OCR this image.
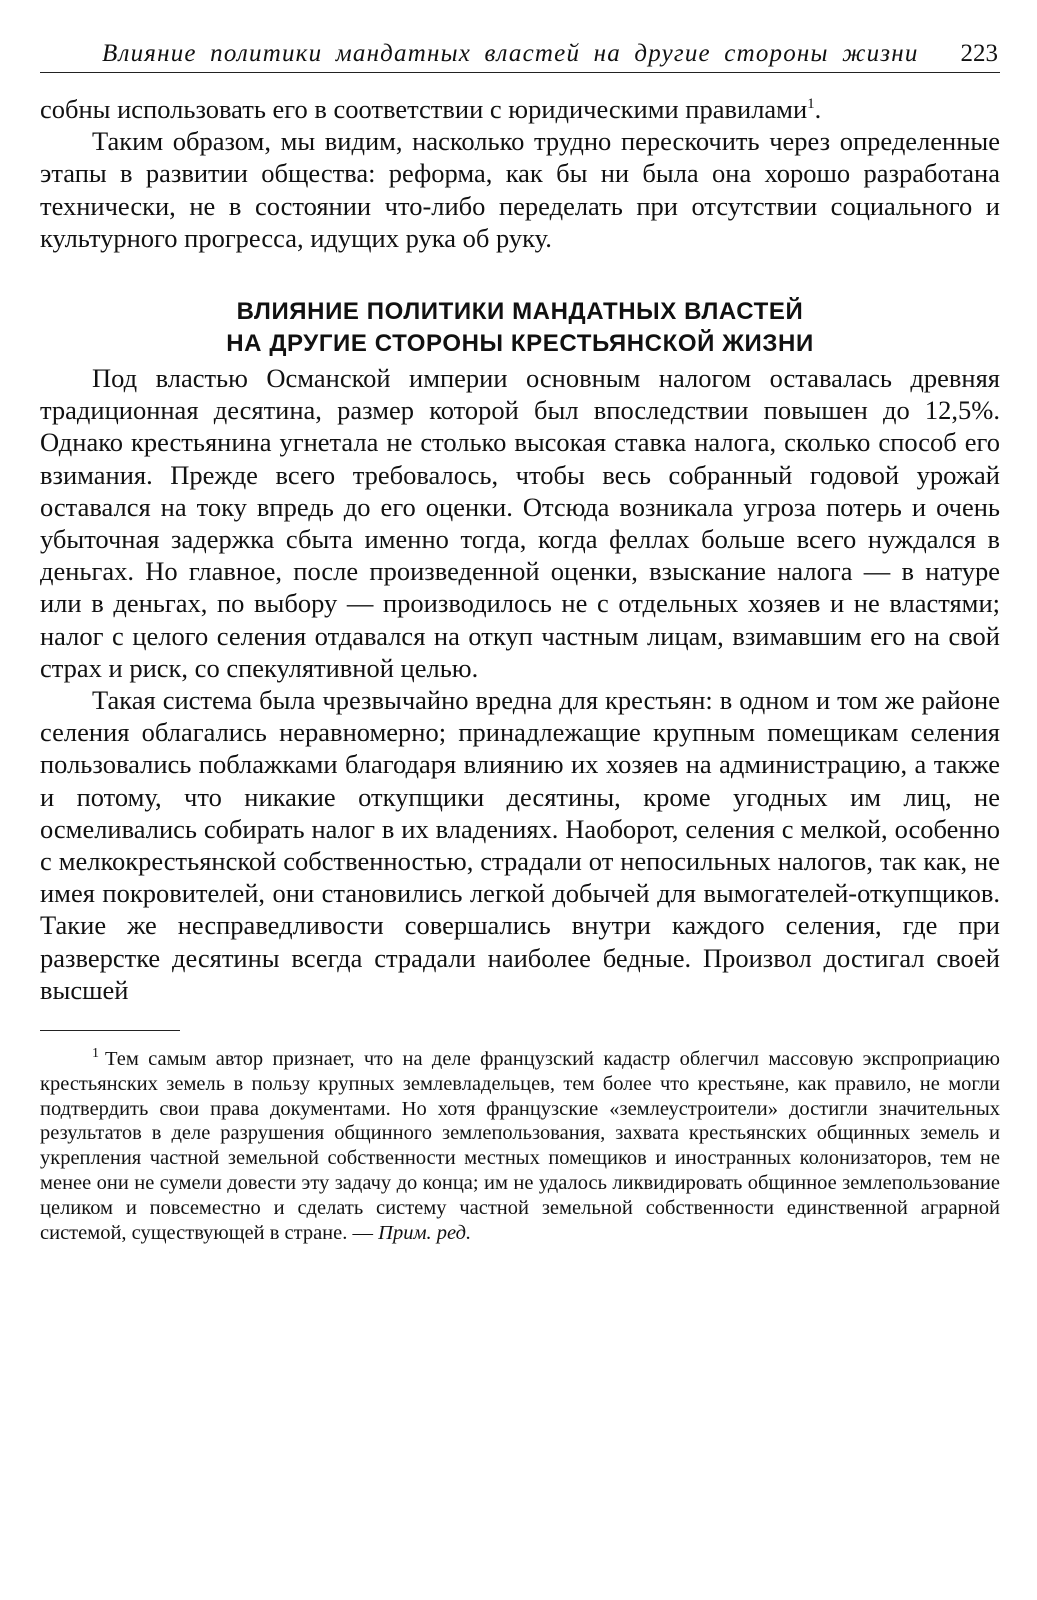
Влияние политики мандатных властей на другие стороны жизни 223

собны использовать его в соответствии с юридическими правилами$^1$.

Таким образом, мы видим, насколько трудно перескочить через определенные этапы в развитии общества: реформа, как бы ни была она хорошо разработана технически, не в состоянии что-либо переделать при отсутствии социального и культурного прогресса, идущих рука об руку.

ВЛИЯНИЕ ПОЛИТИКИ МАНДАТНЫХ ВЛАСТЕЙ
НА ДРУГИЕ СТОРОНЫ КРЕСТЬЯНСКОЙ ЖИЗНИ

Под властью Османской империи основным налогом оставалась древняя традиционная десятина, размер которой был впоследствии повышен до 12,5%. Однако крестьянина угнетала не столько высокая ставка налога, сколько способ его взимания. Прежде всего требовалось, чтобы весь собранный годовой урожай оставался на току впредь до его оценки. Отсюда возникала угроза потерь и очень убыточная задержка сбыта именно тогда, когда феллах больше всего нуждался в деньгах. Но главное, после произведенной оценки, взыскание налога — в натуре или в деньгах, по выбору — производилось не с отдельных хозяев и не властями; налог с целого селения отдавался на откуп частным лицам, взимавшим его на свой страх и риск, со спекулятивной целью.

Такая система была чрезвычайно вредна для крестьян: в одном и том же районе селения облагались неравномерно; принадлежащие крупным помещикам селения пользовались поблажками благодаря влиянию их хозяев на администрацию, а также и потому, что никакие откупщики десятины, кроме угодных им лиц, не осмеливались собирать налог в их владениях. Наоборот, селения с мелкой, особенно с мелкокрестьянской собственностью, страдали от непосильных налогов, так как, не имея покровителей, они становились легкой добычей для вымогателей-откупщиков. Такие же несправедливости совершались внутри каждого селения, где при разверстке десятины всегда страдали наиболее бедные. Произвол достигал своей высшей

$^1$ Тем самым автор признает, что на деле французский кадастр облегчил массовую экспроприацию крестьянских земель в пользу крупных землевладельцев, тем более что крестьяне, как правило, не могли подтвердить свои права документами. Но хотя французские «землеустроители» достигли значительных результатов в деле разрушения общинного землепользования, захвата крестьянских общинных земель и укрепления частной земельной собственности местных помещиков и иностранных колонизаторов, тем не менее они не сумели довести эту задачу до конца; им не удалось ликвидировать общинное землепользование целиком и повсеместно и сделать систему частной земельной собственности единственной аграрной системой, существующей в стране. — Прим. ред.
